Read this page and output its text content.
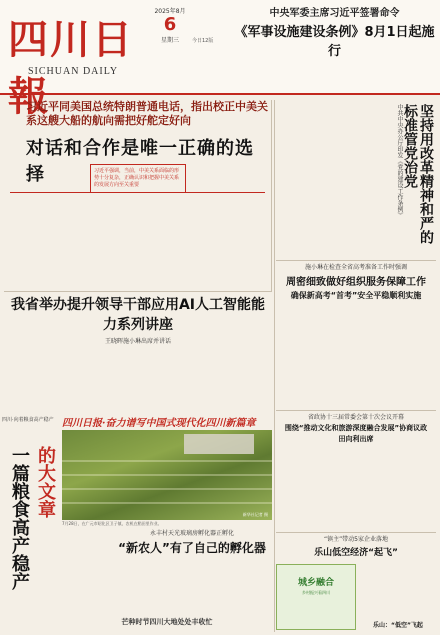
四川日報
SICHUAN DAILY
2025年8月
6
星期三	今日12版
中央军委主席习近平签署命令
《军事设施建设条例》8月1日起施行
习近平同美国总统特朗普通电话，指出校正中美关系这艘大船的航向需把好舵定好向
对话和合作是唯一正确的选择	习近平强调，当前，中美关系面临的形势十分复杂，正确认识和把握中美关系的发展方向至关重要	坚持用改革精神和严的标准管党治党
中共中央办公厅印发《党的建设工作条例》
我省举办提升领导干部应用AI人工智能能力系列讲座
王晓晖施小琳出席并讲话
施小琳在检查全省高考准备工作时强调
周密细致做好组织服务保障工作
确保新高考“首考”安全平稳顺利实施
四川日报·奋力谱写中国式现代化四川新篇章
新华社记者 摄
7月28日，在广元市昭化区卫子镇，农机在稻田里作业。
四川·向着粮食高产稳产
一篇粮食高产稳产 的大文章
永丰村天光玻璃房孵化器正孵化
“新农人”有了自己的孵化器
芒种时节四川大地处处丰收忙
省政协十三届常委会第十次会议开幕
围绕“推动文化和旅游深度融合发展”协商议政
田向利出席
“镇主”带动5家企业落地
乐山低空经济“起飞”
城乡融合
乡村振兴看四川
乐山：“低空”飞起
